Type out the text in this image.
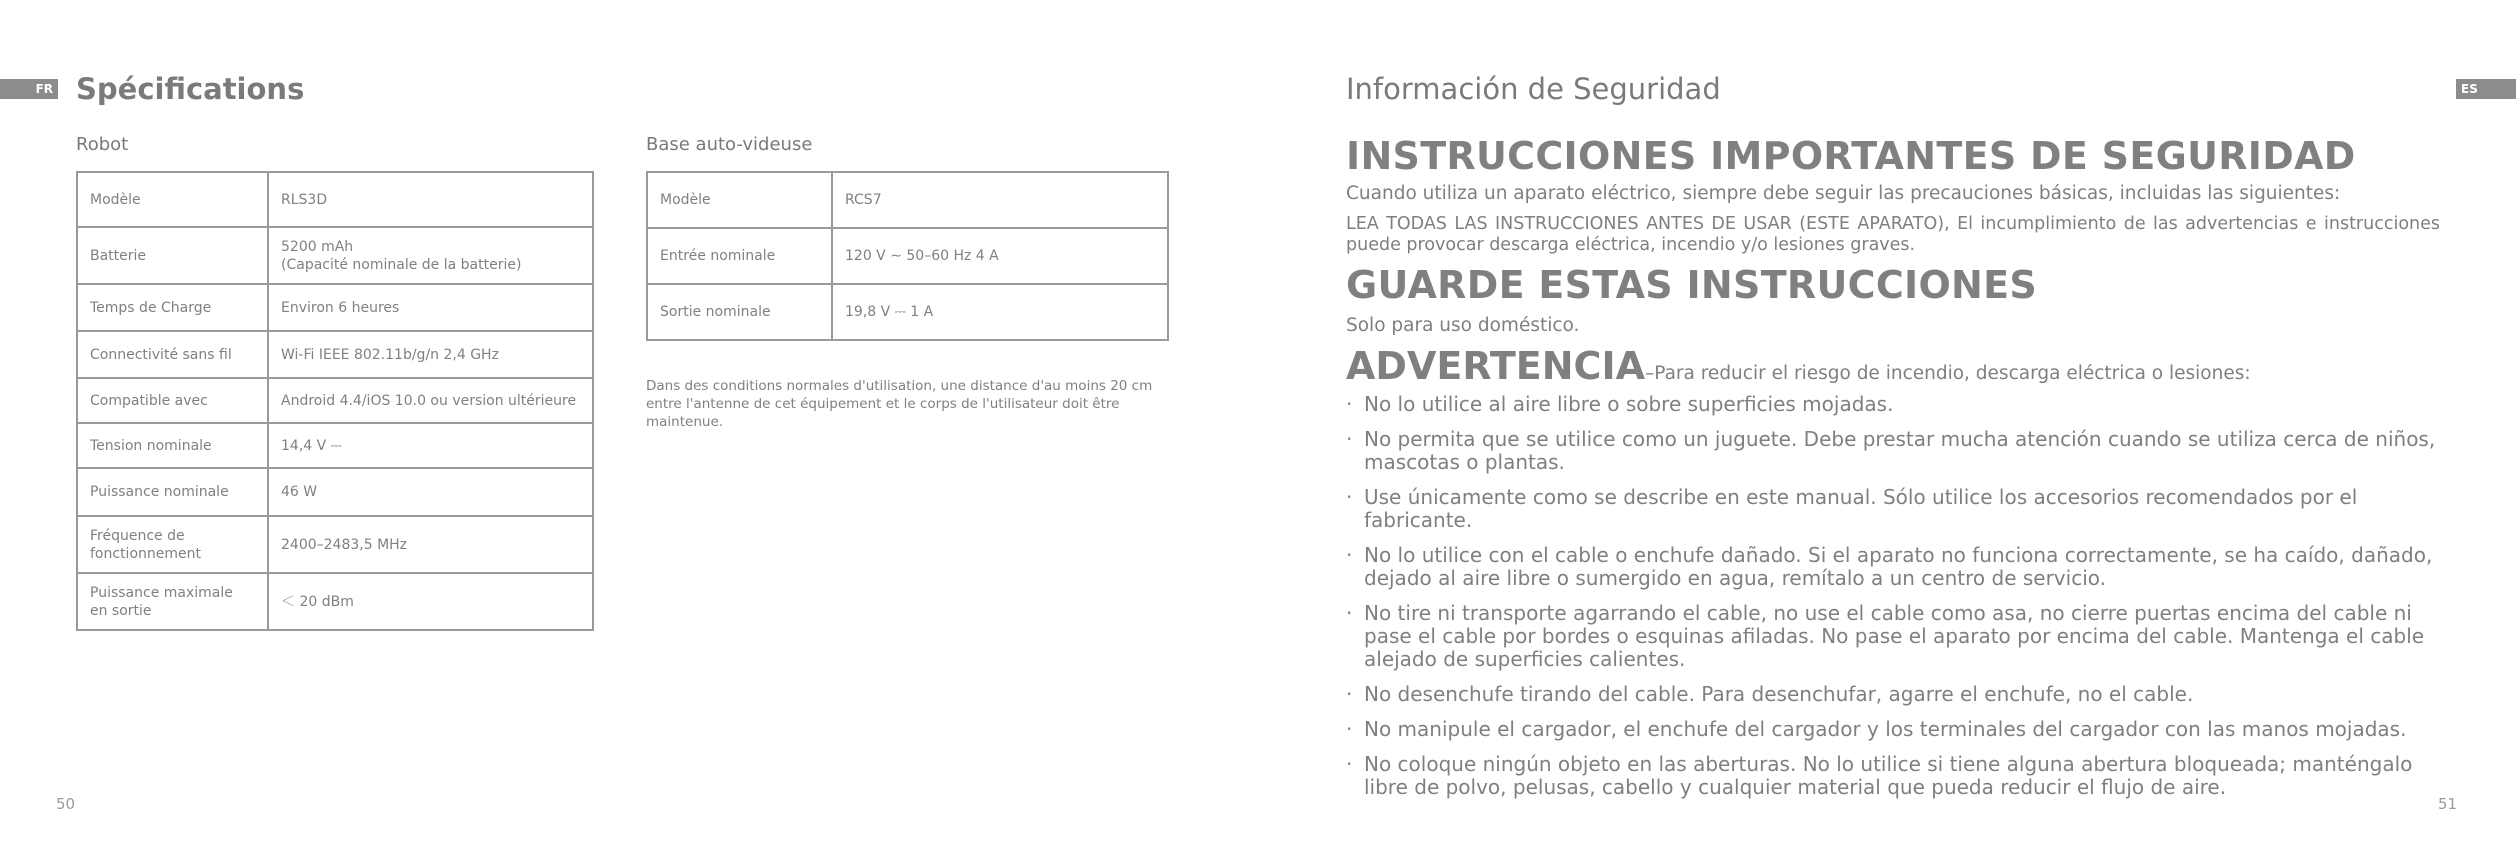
FR Spécifications
Robot
Modèle	RLS3D
Batterie	5200 mAh
(Capacité nominale de la batterie)
Temps de Charge	Environ 6 heures
Connectivité sans fil	Wi-Fi IEEE 802.11b/g/n 2,4 GHz
Compatible avec	Android 4.4/iOS 10.0 ou version ultérieure
Tension nominale	14,4 V ⎓
Puissance nominale	46 W
Fréquence de
fonctionnement	2400–2483,5 MHz
Puissance maximale
en sortie	＜ 20 dBm
Base auto-videuse
Modèle	RCS7
Entrée nominale	120 V ∼ 50–60 Hz 4 A
Sortie nominale	19,8 V ⎓ 1 A
Dans des conditions normales d'utilisation, une distance d'au moins 20 cm entre l'antenne de cet équipement et le corps de l'utilisateur doit être maintenue.
50
Información de Seguridad	ES
INSTRUCCIONES IMPORTANTES DE SEGURIDAD
Cuando utiliza un aparato eléctrico, siempre debe seguir las precauciones básicas, incluidas las siguientes:
LEA TODAS LAS INSTRUCCIONES ANTES DE USAR (ESTE APARATO), El incumplimiento de las advertencias e instrucciones puede provocar descarga eléctrica, incendio y/o lesiones graves.
GUARDE ESTAS INSTRUCCIONES
Solo para uso doméstico.
ADVERTENCIA–Para reducir el riesgo de incendio, descarga eléctrica o lesiones:
· No lo utilice al aire libre o sobre superficies mojadas.
· No permita que se utilice como un juguete. Debe prestar mucha atención cuando se utiliza cerca de niños, mascotas o plantas.
· Use únicamente como se describe en este manual. Sólo utilice los accesorios recomendados por el fabricante.
· No lo utilice con el cable o enchufe dañado. Si el aparato no funciona correctamente, se ha caído, dañado, dejado al aire libre o sumergido en agua, remítalo a un centro de servicio.
· No tire ni transporte agarrando el cable, no use el cable como asa, no cierre puertas encima del cable ni pase el cable por bordes o esquinas afiladas. No pase el aparato por encima del cable. Mantenga el cable alejado de superficies calientes.
· No desenchufe tirando del cable. Para desenchufar, agarre el enchufe, no el cable.
· No manipule el cargador, el enchufe del cargador y los terminales del cargador con las manos mojadas.
· No coloque ningún objeto en las aberturas. No lo utilice si tiene alguna abertura bloqueada; manténgalo libre de polvo, pelusas, cabello y cualquier material que pueda reducir el flujo de aire.
51
